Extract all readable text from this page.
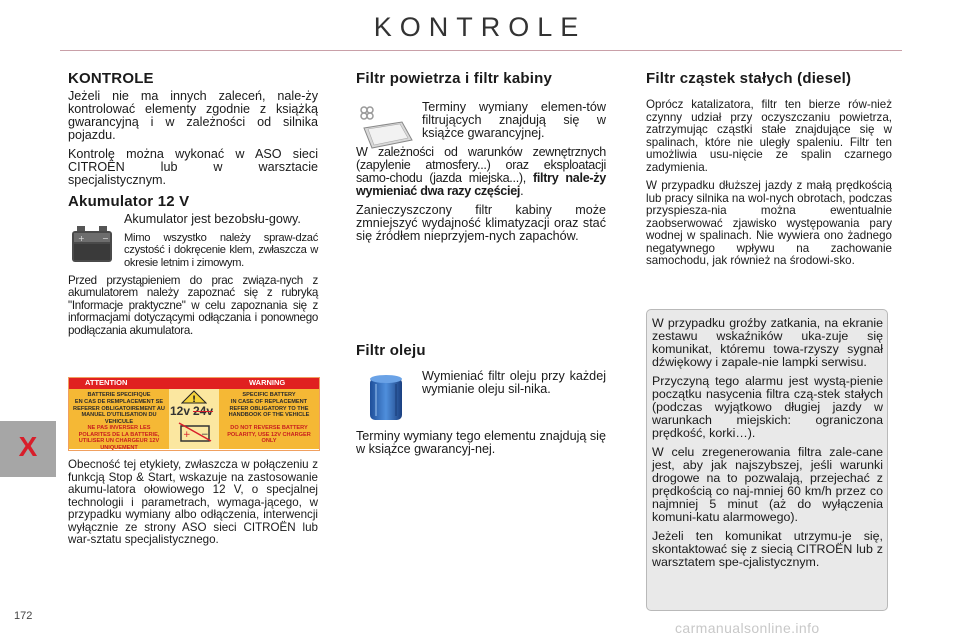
KONTROLE
KONTROLE

Jeżeli nie ma innych zaleceń, nale-ży kontrolować elementy zgodnie z książką gwarancyjną i w zależności od silnika pojazdu.

Kontrolę można wykonać w ASO sieci CITROËN lub w warsztacie specjalistycznym.

Akumulator 12 V

Akumulator jest bezobsłu-gowy.

Mimo wszystko należy spraw-dzać czystość i dokręcenie klem, zwłaszcza w okresie letnim i zimowym.

Przed przystąpieniem do prac związa-nych z akumulatorem należy zapoznać się z rubryką "Informacje praktyczne" w celu zapoznania się z informacjami dotyczącymi odłączania i ponownego podłączania akumulatora.

+ −
ATTENTION	WARNING
BATTERIE SPECIFIQUE
EN CAS DE REMPLACEMENT SE REFERER OBLIGATOIREMENT AU MANUEL D'UTILISATION DU VEHICULE
NE PAS INVERSER LES POLARITES DE LA BATTERIE, UTILISER UN CHARGEUR 12V UNIQUEMENT
SPECIFIC BATTERY
IN CASE OF REPLACEMENT REFER OBLIGATORY TO THE HANDBOOK OF THE VEHICLE
DO NOT REVERSE BATTERY POLARITY, USE 12V CHARGER ONLY
!
12v 24v
+ −

Obecność tej etykiety, zwłaszcza w połączeniu z funkcją Stop & Start, wskazuje na zastosowanie akumu-latora ołowiowego 12 V, o specjalnej technologii i parametrach, wymaga-jącego, w przypadku wymiany albo odłączenia, interwencji wyłącznie ze strony ASO sieci CITROËN lub war-sztatu specjalistycznego.

Filtr powietrza i filtr kabiny

Terminy wymiany elemen-tów filtrujących znajdują się w książce gwarancyjnej.

W zależności od warunków zewnętrznych (zapylenie atmosfery...) oraz eksploatacji samo-chodu (jazda miejska...), filtry nale-ży wymieniać dwa razy częściej.

Zanieczyszczony filtr kabiny może zmniejszyć wydajność klimatyzacji oraz stać się źródłem nieprzyjem-nych zapachów.

Filtr oleju

Wymieniać filtr oleju przy każdej wymianie oleju sil-nika.

Terminy wymiany tego elementu znajdują się w książce gwarancyj-nej.

Filtr cząstek stałych (diesel)

Oprócz katalizatora, filtr ten bierze rów-nież czynny udział przy oczyszczaniu powietrza, zatrzymując cząstki stałe znajdujące się w spalinach, które nie uległy spaleniu. Filtr ten umożliwia usu-nięcie ze spalin czarnego zadymienia.

W przypadku dłuższej jazdy z małą prędkością lub pracy silnika na wol-nych obrotach, podczas przyspiesza-nia można ewentualnie zaobserwować zjawisko występowania pary wodnej w spalinach. Nie wywiera ono żadnego negatywnego wpływu na zachowanie samochodu, jak również na środowi-sko.

W przypadku groźby zatkania, na ekranie zestawu wskaźników uka-zuje się komunikat, któremu towa-rzyszy sygnał dźwiękowy i zapale-nie lampki serwisu.

Przyczyną tego alarmu jest wystą-pienie początku nasycenia filtra czą-stek stałych (podczas wyjątkowo długiej jazdy w warunkach miejskich: ograniczona prędkość, korki…).

W celu zregenerowania filtra zale-cane jest, aby jak najszybszej, jeśli warunki drogowe na to pozwalają, przejechać z prędkością co naj-mniej 60 km/h przez co najmniej 5 minut (aż do wyłączenia komuni-katu alarmowego).

Jeżeli ten komunikat utrzymu-je się, skontaktować się z siecią CITROËN lub z warsztatem spe-cjalistycznym.

X
172
carmanualsonline.info
